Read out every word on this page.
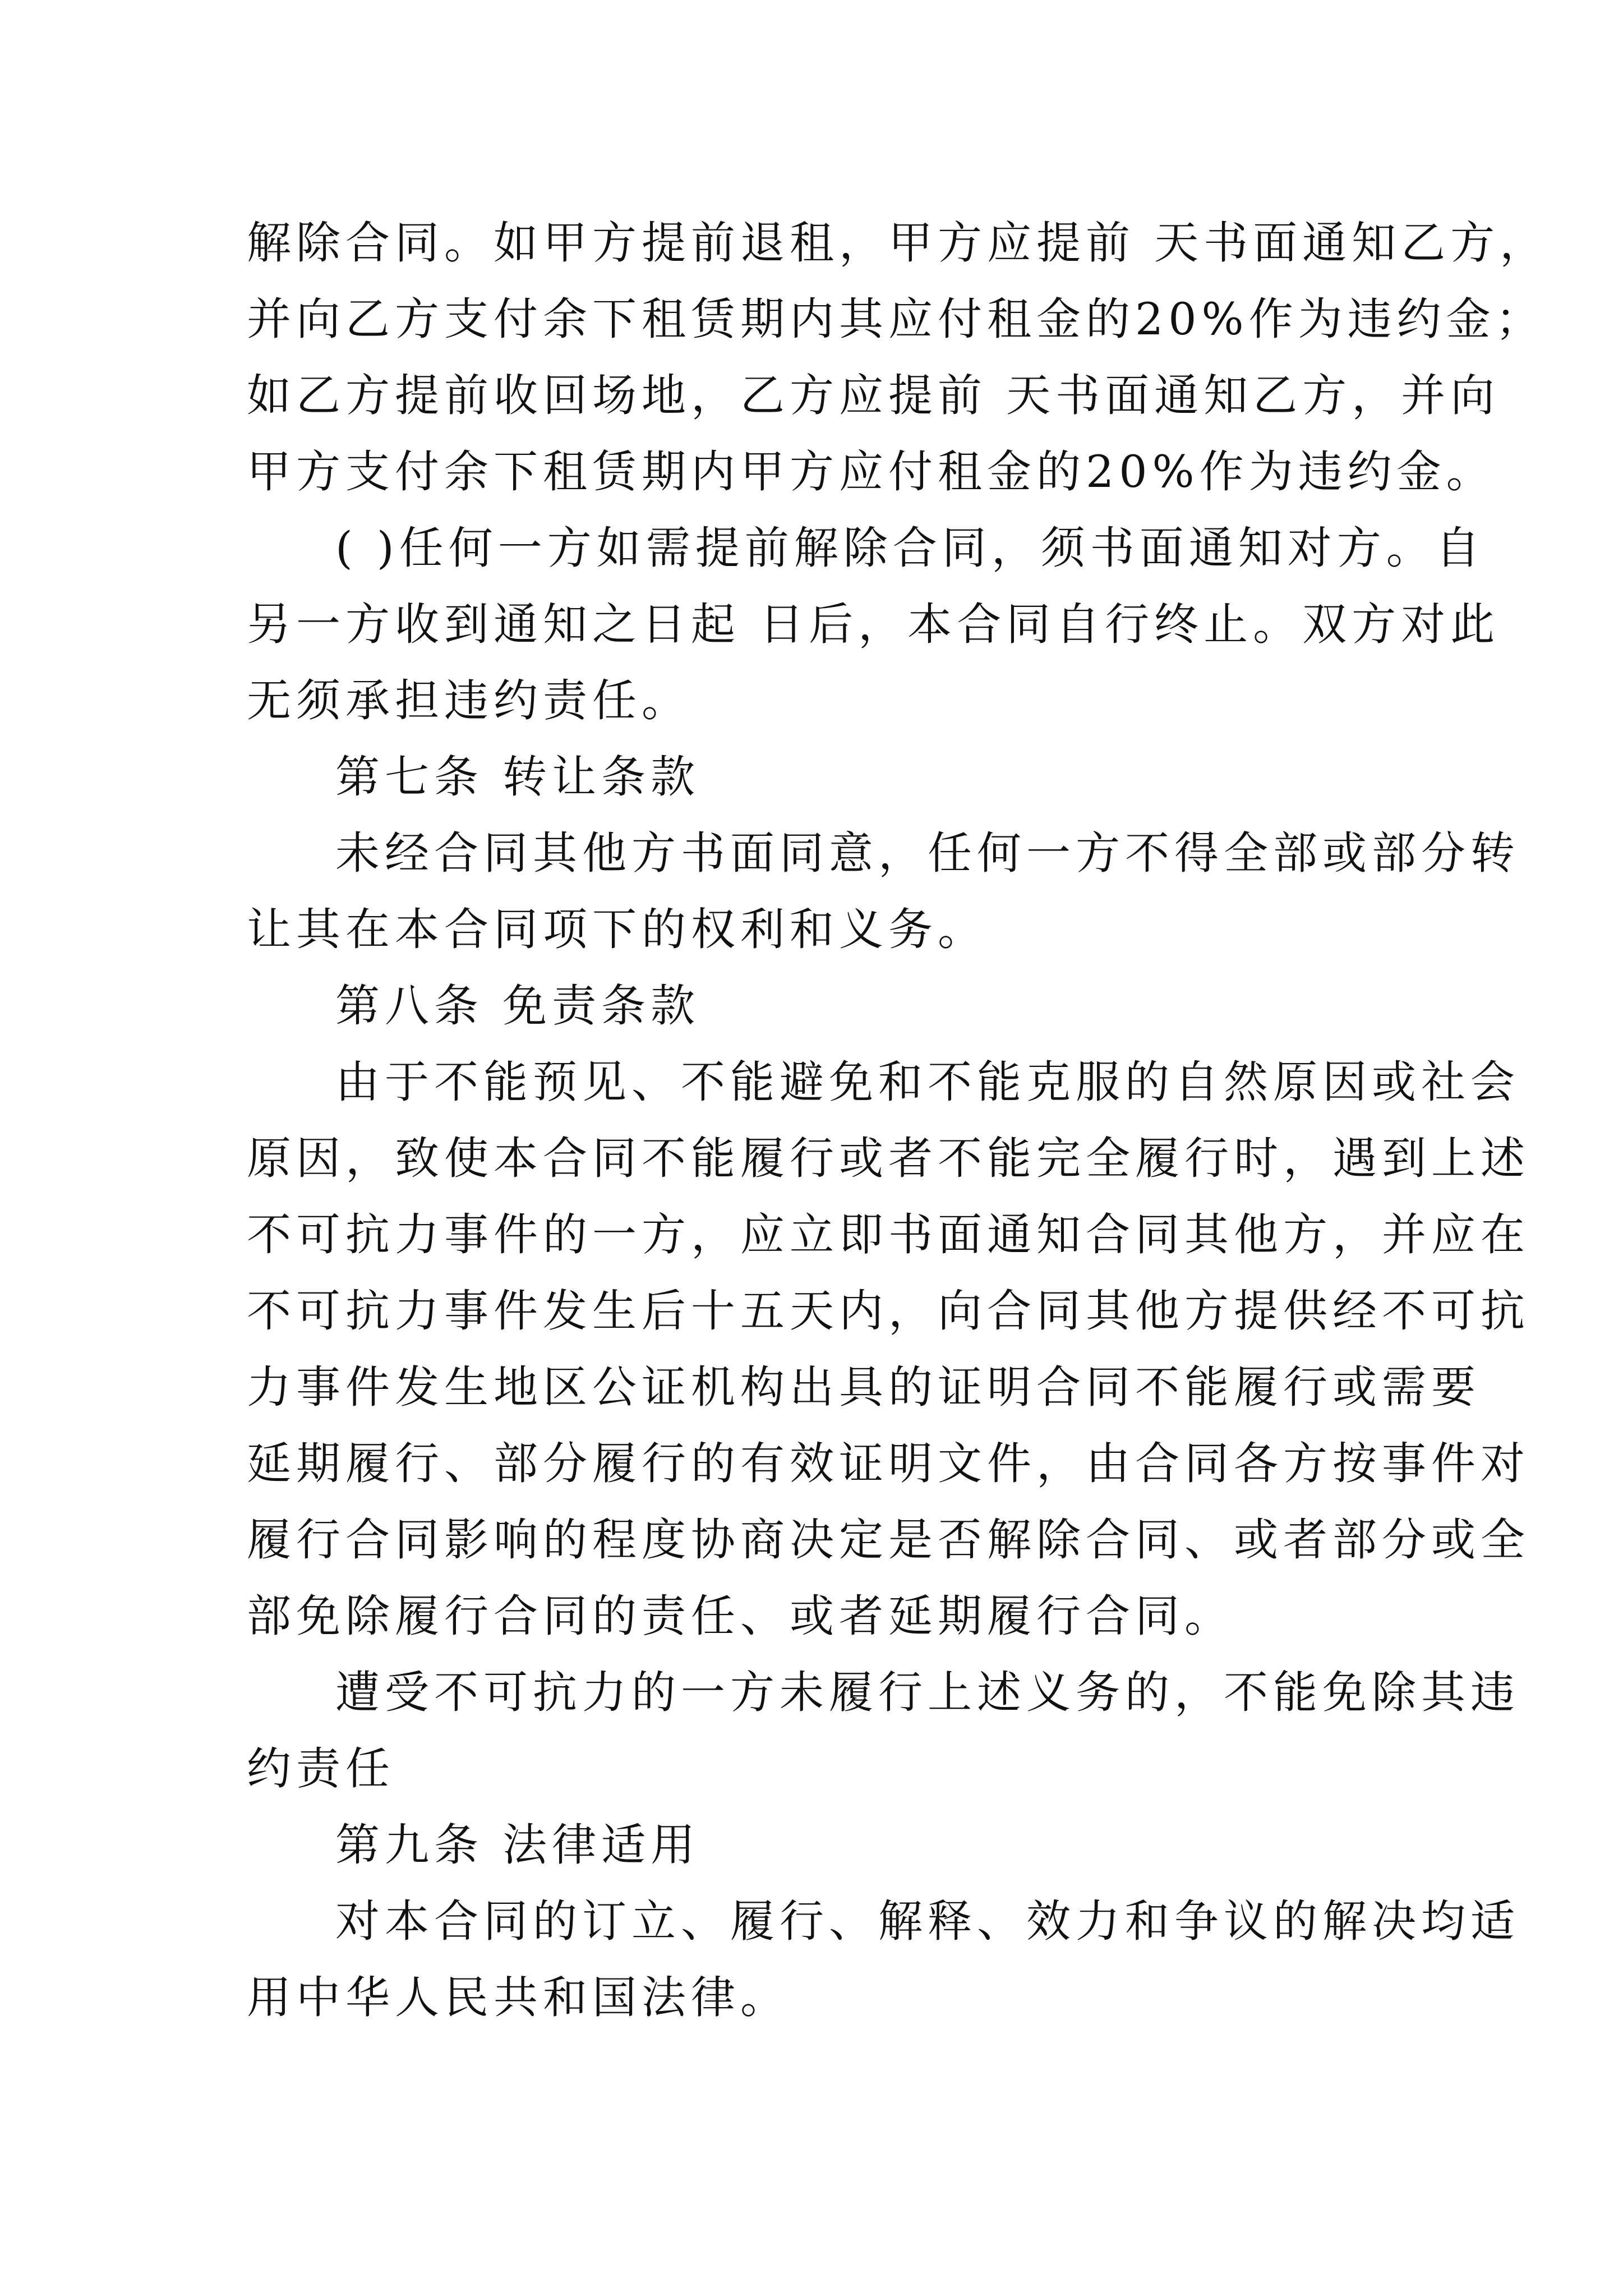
解除合同。如甲方提前退租，甲方应提前 天书面通知乙方，
并向乙方支付余下租赁期内其应付租金的20%作为违约金；
如乙方提前收回场地，乙方应提前 天书面通知乙方，并向
甲方支付余下租赁期内甲方应付租金的20%作为违约金。
( )任何一方如需提前解除合同，须书面通知对方。自
另一方收到通知之日起 日后，本合同自行终止。双方对此
无须承担违约责任。
第七条 转让条款
未经合同其他方书面同意，任何一方不得全部或部分转
让其在本合同项下的权利和义务。
第八条 免责条款
由于不能预见、不能避免和不能克服的自然原因或社会
原因，致使本合同不能履行或者不能完全履行时，遇到上述
不可抗力事件的一方，应立即书面通知合同其他方，并应在
不可抗力事件发生后十五天内，向合同其他方提供经不可抗
力事件发生地区公证机构出具的证明合同不能履行或需要
延期履行、部分履行的有效证明文件，由合同各方按事件对
履行合同影响的程度协商决定是否解除合同、或者部分或全
部免除履行合同的责任、或者延期履行合同。
遭受不可抗力的一方未履行上述义务的，不能免除其违
约责任
第九条 法律适用
对本合同的订立、履行、解释、效力和争议的解决均适
用中华人民共和国法律。
